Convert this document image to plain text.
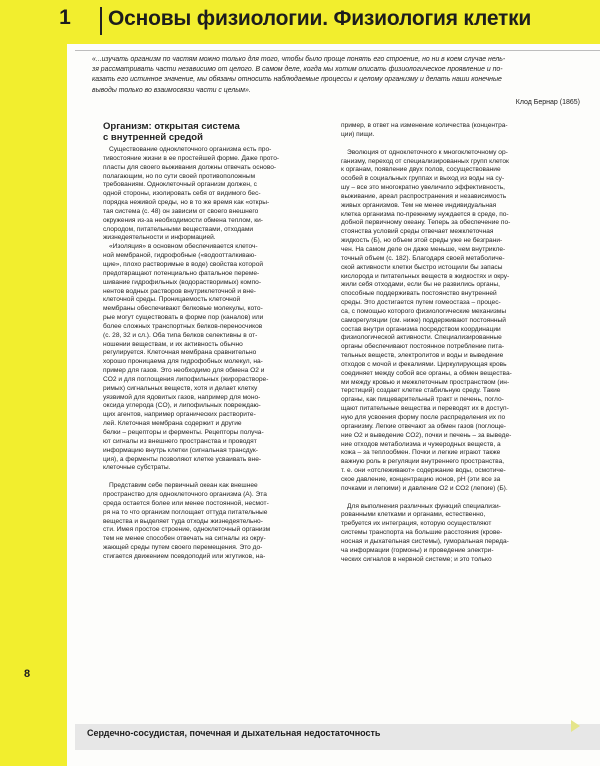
1	Основы физиологии. Физиология клетки
8
«...изучать организм по частям можно только для того, чтобы было проще понять его строение, но ни в коем случае нель-
зя рассматривать части независимо от целого. В самом деле, когда мы хотим описать физиологическое проявление и по-
казать его истинное значение, мы обязаны относить наблюдаемые процессы к целому организму и делать наши конечные
выводы только во взаимосвязи части с целым».
Клод Бернар (1865)
Организм: открытая система
с внутренней средой
Существование одноклеточного организма есть про-
тивостояние жизни в ее простейшей форме. Даже прото-
пласты для своего выживания должны отвечать осново-
полагающим, но по сути своей противоположным
требованиям. Одноклеточный организм должен, с
одной стороны, изолировать себя от видимого бес-
порядка неживой среды, но в то же время как «откры-
тая система (с. 48) он зависим от своего внешнего
окружения из-за необходимости обмена теплом, ки-
слородом, питательными веществами, отходами
жизнедеятельности и информацией.
«Изоляция» в основном обеспечивается клеточ-
ной мембраной, гидрофобные («водоотталкиваю-
щие», плохо растворимые в воде) свойства которой
предотвращают потенциально фатальное переме-
шивание гидрофильных (водорастворимых) компо-
нентов водных растворов внутриклеточной и вне-
клеточной среды. Проницаемость клеточной
мембраны обеспечивают белковые молекулы, кото-
рые могут существовать в форме пор (каналов) или
более сложных транспортных белков-переносчиков
(с. 28, 32 и сл.). Оба типа белков селективны в от-
ношении веществам, и их активность обычно
регулируется. Клеточная мембрана сравнительно
хорошо проницаема для гидрофобных молекул, на-
пример для газов. Это необходимо для обмена O2 и
CO2 и для поглощения липофильных (жирорастворе-
римых) сигнальных веществ, хотя и делает клетку
уязвимой для ядовитых газов, например для моно-
оксида углерода (CO), и липофильных повреждаю-
щих агентов, например органических растворите-
лей. Клеточная мембрана содержит и другие
белки – рецепторы и ферменты. Рецепторы получа-
ют сигналы из внешнего пространства и проводят
информацию внутрь клетки (сигнальная трансдук-
ция), а ферменты позволяют клетке усваивать вне-
клеточные субстраты.
Представим себе первичный океан как внешнее
пространство для одноклеточного организма (A). Эта
среда остается более или менее постоянной, несмот-
ря на то что организм поглощает оттуда питательные
вещества и выделяет туда отходы жизнедеятельно-
сти. Имея простое строение, одноклеточный организм
тем не менее способен отвечать на сигналы из окру-
жающей среды путем своего перемещения. Это до-
стигается движением псевдоподий или жгутиков, на-
пример, в ответ на изменение количества (концентра-
ции) пищи.
Эволюция от одноклеточного к многоклеточному ор-
ганизму, переход от специализированных групп клеток
к органам, появление двух полов, сосуществование
особей в социальных группах и выход из воды на су-
шу – все это многократно увеличило эффективность,
выживание, ареал распространения и независимость
живых организмов. Тем не менее индивидуальная
клетка организма по-прежнему нуждается в среде, по-
добной первичному океану. Теперь за обеспечение по-
стоянства условий среды отвечает межклеточная
жидкость (Б), но объем этой среды уже не безграни-
чен. На самом деле он даже меньше, чем внутрикле-
точный объем (с. 182). Благодаря своей метаболиче-
ской активности клетки быстро истощили бы запасы
кислорода и питательных веществ в жидкостях и окру-
жили себя отходами, если бы не развились органы,
способные поддерживать постоянство внутренней
среды. Это достигается путем гомеостаза – процес-
са, с помощью которого физиологические механизмы
саморегуляции (см. ниже) поддерживают постоянный
состав внутри организма посредством координации
физиологической активности. Специализированные
органы обеспечивают постоянное потребление пита-
тельных веществ, электролитов и воды и выведение
отходов с мочой и фекалиями. Циркулирующая кровь
соединяет между собой все органы, а обмен вещества-
ми между кровью и межклеточным пространством (ин-
терстиций) создает клетке стабильную среду. Такие
органы, как пищеварительный тракт и печень, погло-
щают питательные вещества и переводят их в доступ-
ную для усвоения форму после распределения их по
организму. Легкие отвечают за обмен газов (поглоще-
ние O2 и выведение CO2), почки и печень – за выведе-
ние отходов метаболизма и чужеродных веществ, а
кожа – за теплообмен. Почки и легкие играют также
важную роль в регуляции внутреннего пространства,
т. е. они «отслеживают» содержание воды, осмотиче-
ское давление, концентрацию ионов, pH (эти все за
почками и легкими) и давление O2 и CO2 (легкие) (Б).
Для выполнения различных функций специализи-
рованными клетками и органами, естественно,
требуется их интеграция, которую осуществляют
системы транспорта на большие расстояния (крове-
носная и дыхательная системы), гуморальная переда-
ча информации (гормоны) и проведение электри-
ческих сигналов в нервной системе; и это только
Сердечно-сосудистая, почечная и дыхательная недостаточность
